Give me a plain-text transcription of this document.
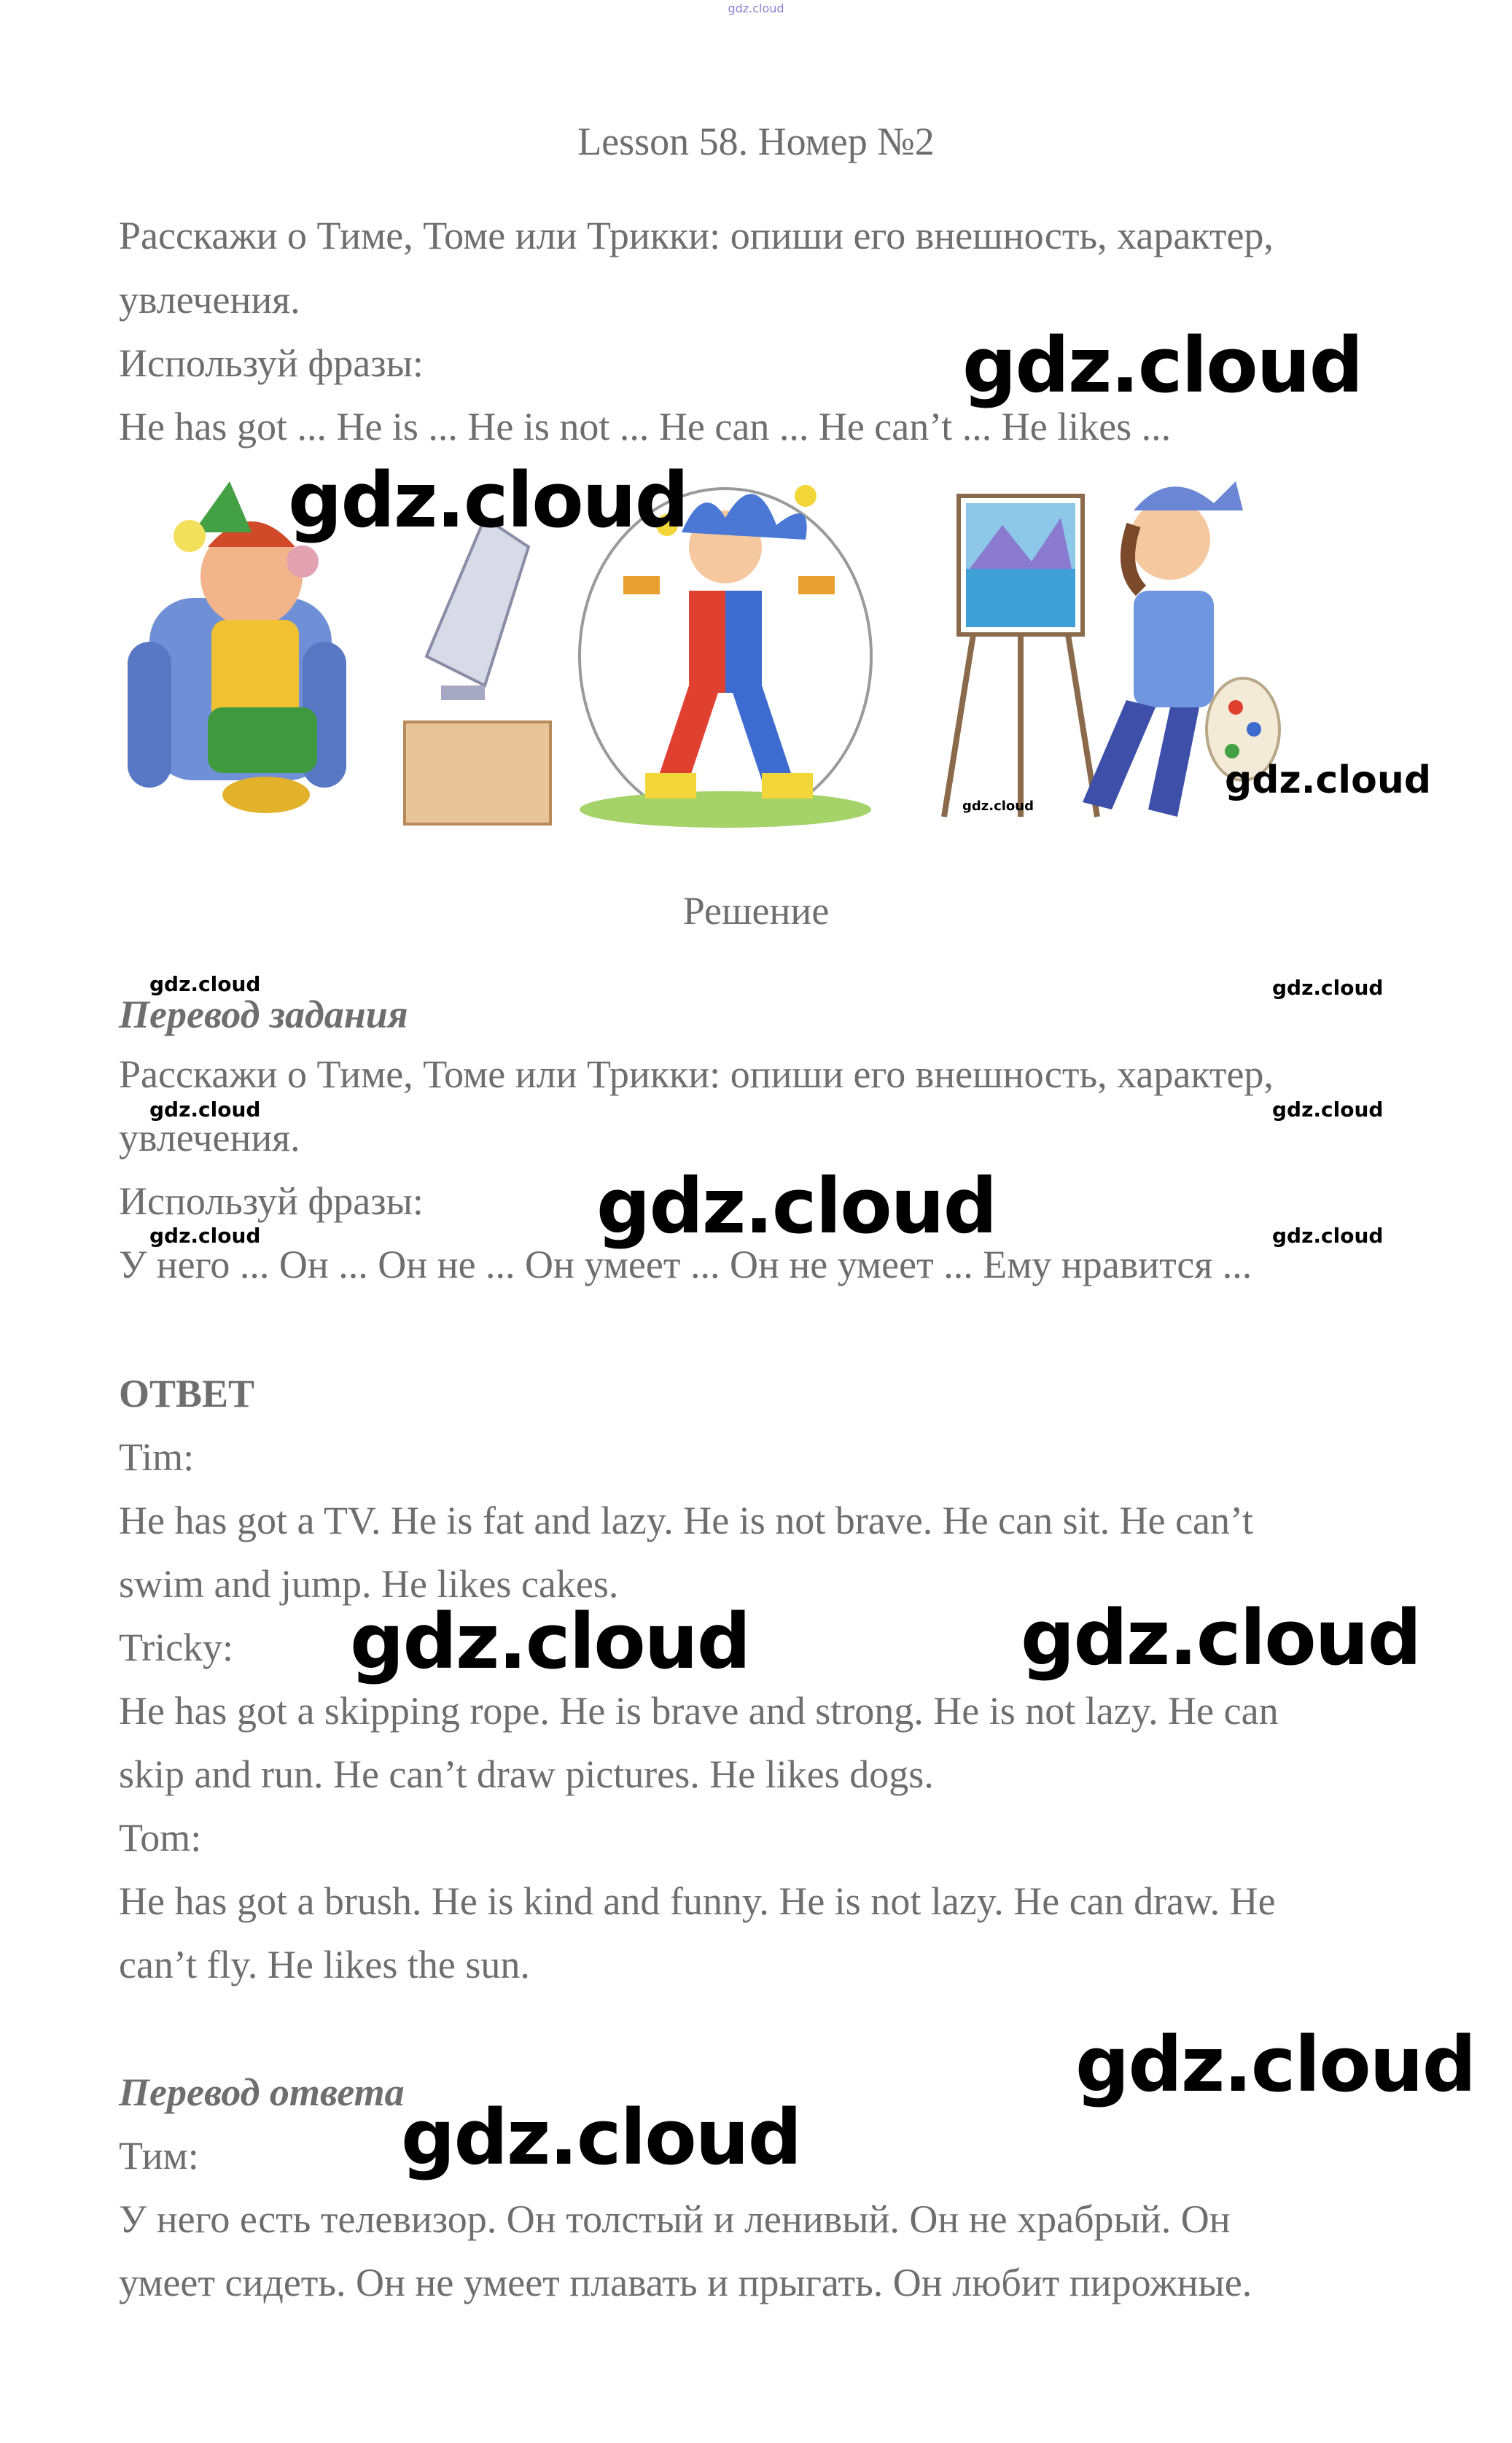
gdz.cloud
Lesson 58. Номер №2
Расскажи о Тиме, Томе или Трикки: опиши его внешность, характер,
увлечения.
Используй фразы:
He has got ... He is ... He is not ... He can ... He can’t ... He likes ...
Решение
Перевод задания
Расскажи о Тиме, Томе или Трикки: опиши его внешность, характер,
увлечения.
Используй фразы:
У него ... Он ... Он не ... Он умеет ... Он не умеет ... Ему нравится ...
ОТВЕТ
Tim:
He has got a TV. He is fat and lazy. He is not brave. He can sit. He can’t
swim and jump. He likes cakes.
Tricky:
He has got a skipping rope. He is brave and strong. He is not lazy. He can
skip and run. He can’t draw pictures. He likes dogs.
Tom:
He has got a brush. He is kind and funny. He is not lazy. He can draw. He
can’t fly. He likes the sun.
Перевод ответа
Тим:
У него есть телевизор. Он толстый и ленивый. Он не храбрый. Он
умеет сидеть. Он не умеет плавать и прыгать. Он любит пирожные.
gdz.cloud
gdz.cloud
gdz.cloud
gdz.cloud
gdz.cloud	gdz.cloud
gdz.cloud	gdz.cloud
gdz.cloud
gdz.cloud	gdz.cloud
gdz.cloud	gdz.cloud
gdz.cloud
gdz.cloud
